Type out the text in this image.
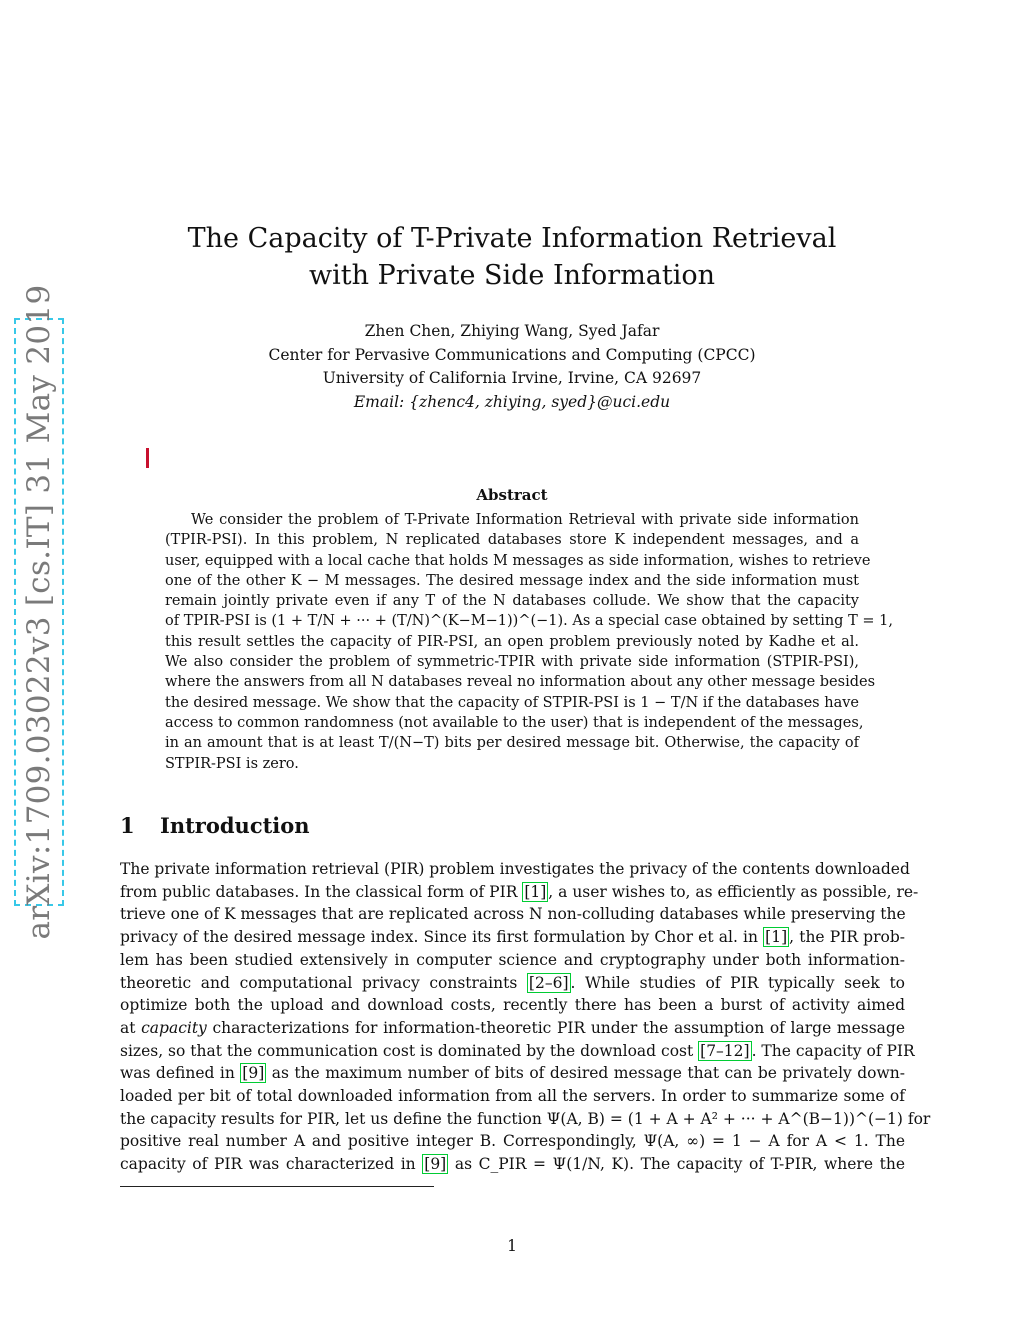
arXiv:1709.03022v3 [cs.IT] 31 May 2019
The Capacity of T-Private Information Retrieval
with Private Side Information
Zhen Chen, Zhiying Wang, Syed Jafar
Center for Pervasive Communications and Computing (CPCC)
University of California Irvine, Irvine, CA 92697
Email: {zhenc4, zhiying, syed}@uci.edu
Abstract
We consider the problem of T-Private Information Retrieval with private side information
(TPIR-PSI). In this problem, N replicated databases store K independent messages, and a
user, equipped with a local cache that holds M messages as side information, wishes to retrieve
one of the other K − M messages. The desired message index and the side information must
remain jointly private even if any T of the N databases collude. We show that the capacity
of TPIR-PSI is (1 + T/N + ··· + (T/N)^(K−M−1))^(−1). As a special case obtained by setting T = 1,
this result settles the capacity of PIR-PSI, an open problem previously noted by Kadhe et al.
We also consider the problem of symmetric-TPIR with private side information (STPIR-PSI),
where the answers from all N databases reveal no information about any other message besides
the desired message. We show that the capacity of STPIR-PSI is 1 − T/N if the databases have
access to common randomness (not available to the user) that is independent of the messages,
in an amount that is at least T/(N−T) bits per desired message bit. Otherwise, the capacity of
STPIR-PSI is zero.
1 Introduction
The private information retrieval (PIR) problem investigates the privacy of the contents downloaded
from public databases. In the classical form of PIR [1] , a user wishes to, as efficiently as possible, re-
trieve one of K messages that are replicated across N non-colluding databases while preserving the
privacy of the desired message index. Since its first formulation by Chor et al. in [1] , the PIR prob-
lem has been studied extensively in computer science and cryptography under both information-
theoretic and computational privacy constraints [2–6] . While studies of PIR typically seek to
optimize both the upload and download costs, recently there has been a burst of activity aimed
at capacity characterizations for information-theoretic PIR under the assumption of large message
sizes, so that the communication cost is dominated by the download cost [7–12] . The capacity of PIR
was defined in [9] as the maximum number of bits of desired message that can be privately down-
loaded per bit of total downloaded information from all the servers. In order to summarize some of
the capacity results for PIR, let us define the function Ψ(A, B) = (1 + A + A² + ··· + A^(B−1))^(−1) for
positive real number A and positive integer B. Correspondingly, Ψ(A, ∞) = 1 − A for A < 1. The
capacity of PIR was characterized in [9] as C_PIR = Ψ(1/N, K). The capacity of T-PIR, where the
1
